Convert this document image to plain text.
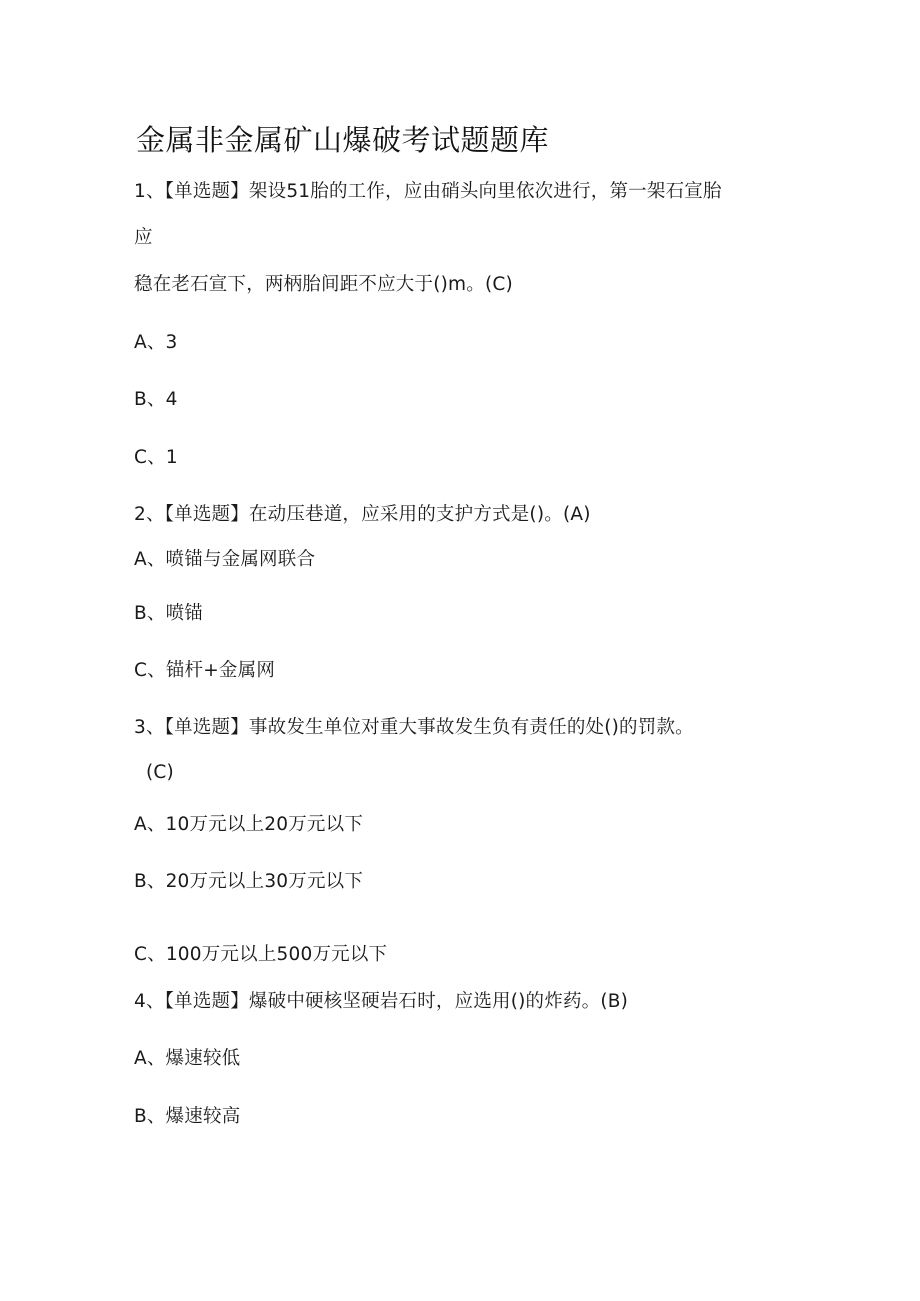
金属非金属矿山爆破考试题题库
1、【单选题】架设51胎的工作，应由硝头向里依次进行，第一架石宣胎
应
稳在老石宣下，两柄胎间距不应大于()m。(C)
A、3
B、4
C、1
2、【单选题】在动压巷道，应采用的支护方式是()。(A)
A、喷锚与金属网联合
B、喷锚
C、锚杆+金属网
3、【单选题】事故发生单位对重大事故发生负有责任的处()的罚款。
(C)
A、10万元以上20万元以下
B、20万元以上30万元以下
C、100万元以上500万元以下
4、【单选题】爆破中硬核坚硬岩石时，应选用()的炸药。(B)
A、爆速较低
B、爆速较高
